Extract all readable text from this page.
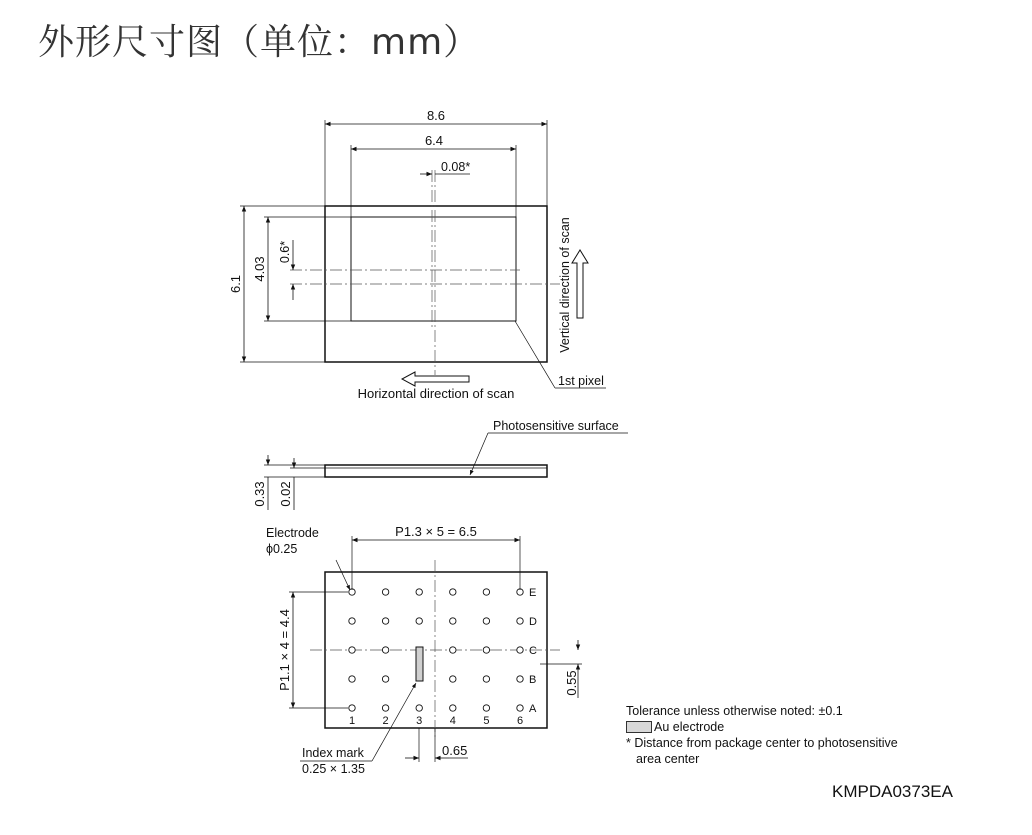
外形尺寸图（单位：mm）
8.6
6.4
0.08*
6.1
4.03
0.6*	Vertical direction of scan
Horizontal direction of scan
1st pixel
Photosensitive surface
0.33 0.02
E
D
C
B
A
1 2 3 4 5 6
Electrode
ϕ0.25
P1.3 × 5 = 6.5
P1.1 × 4 = 4.4	0.55
0.65
Index mark
0.25 × 1.35
Tolerance unless otherwise noted: ±0.1
Au electrode
* Distance from package center to photosensitive
area center
KMPDA0373EA
